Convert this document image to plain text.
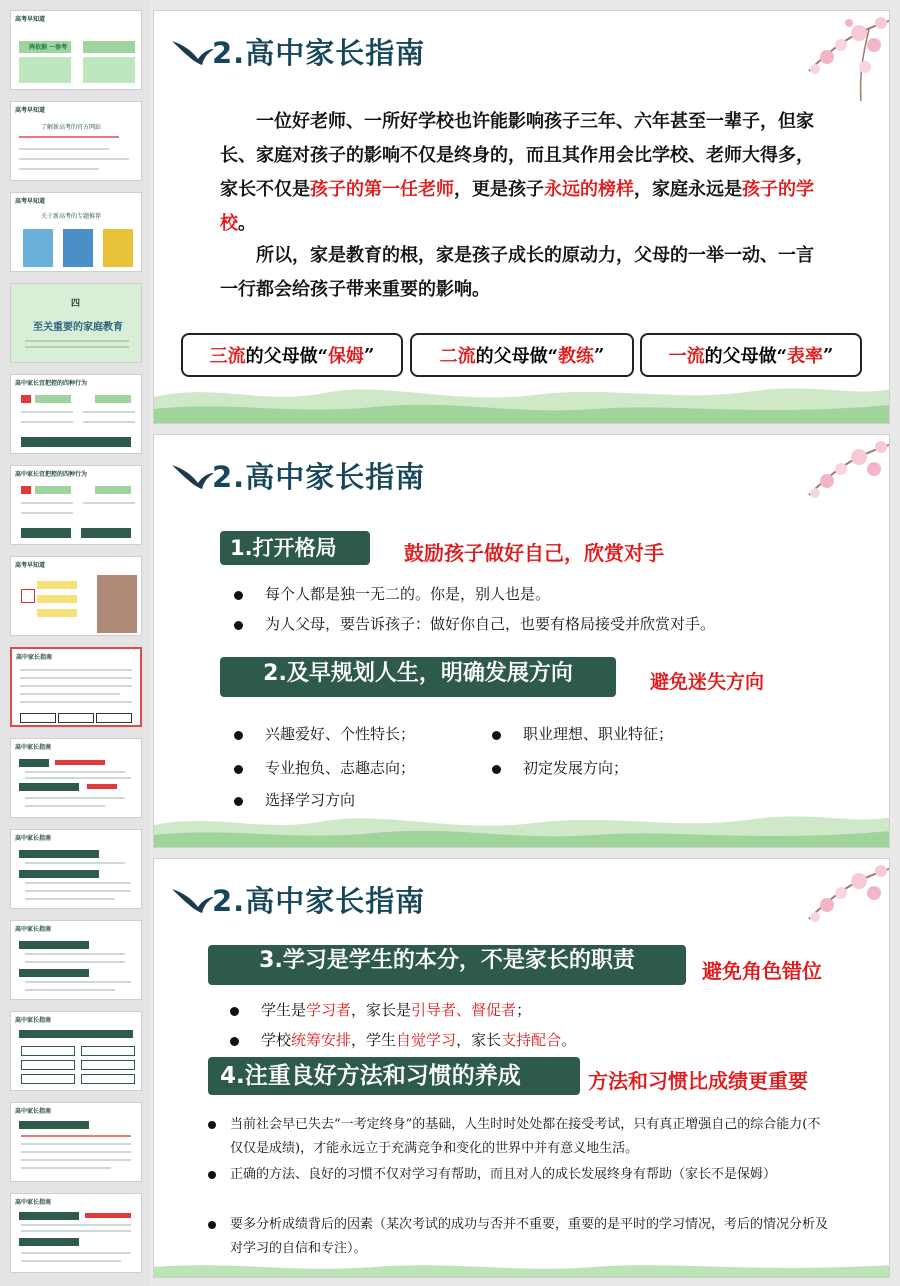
高考早知道
两依据 一参考
高考早知道
了解新高考的官方网站
高考早知道
关于新高考的专题推荐
四
至关重要的家庭教育
高中家长宜把控的四种行为
高中家长宜把控的四种行为
高考早知道
高中家长指南
高中家长指南
高中家长指南
高中家长指南
高中家长指南
高中家长指南
高中家长指南
2.高中家长指南
一位好老师、一所好学校也许能影响孩子三年、六年甚至一辈子，但家长、家庭对孩子的影响不仅是终身的，而且其作用会比学校、老师大得多，家长不仅是孩子的第一任老师，更是孩子永远的榜样，家庭永远是孩子的学校。
所以，家是教育的根，家是孩子成长的原动力，父母的一举一动、一言一行都会给孩子带来重要的影响。
三流 的父母做“ 保姆 ”	二流 的父母做“ 教练 ”	一流 的父母做“ 表率 ”
2.高中家长指南
1.打开格局	鼓励孩子做好自己，欣赏对手
每个人都是独一无二的。你是，别人也是。
为人父母，要告诉孩子：做好你自己，也要有格局接受并欣赏对手。
2.及早规划人生，明确发展方向	避免迷失方向
兴趣爱好、个性特长；	职业理想、职业特征；
专业抱负、志趣志向；	初定发展方向；
选择学习方向
2.高中家长指南
3.学习是学生的本分，不是家长的职责	避免角色错位
学生是学习者，家长是引导者、督促者；
学校统筹安排，学生自觉学习，家长支持配合。
4.注重良好方法和习惯的养成	方法和习惯比成绩更重要
当前社会早已失去“一考定终身”的基础，人生时时处处都在接受考试，只有真正增强自己的综合能力(不仅仅是成绩)，才能永远立于充满竞争和变化的世界中并有意义地生活。
正确的方法、良好的习惯不仅对学习有帮助，而且对人的成长发展终身有帮助（家长不是保姆）
要多分析成绩背后的因素（某次考试的成功与否并不重要，重要的是平时的学习情况，考后的情况分析及对学习的自信和专注）。
